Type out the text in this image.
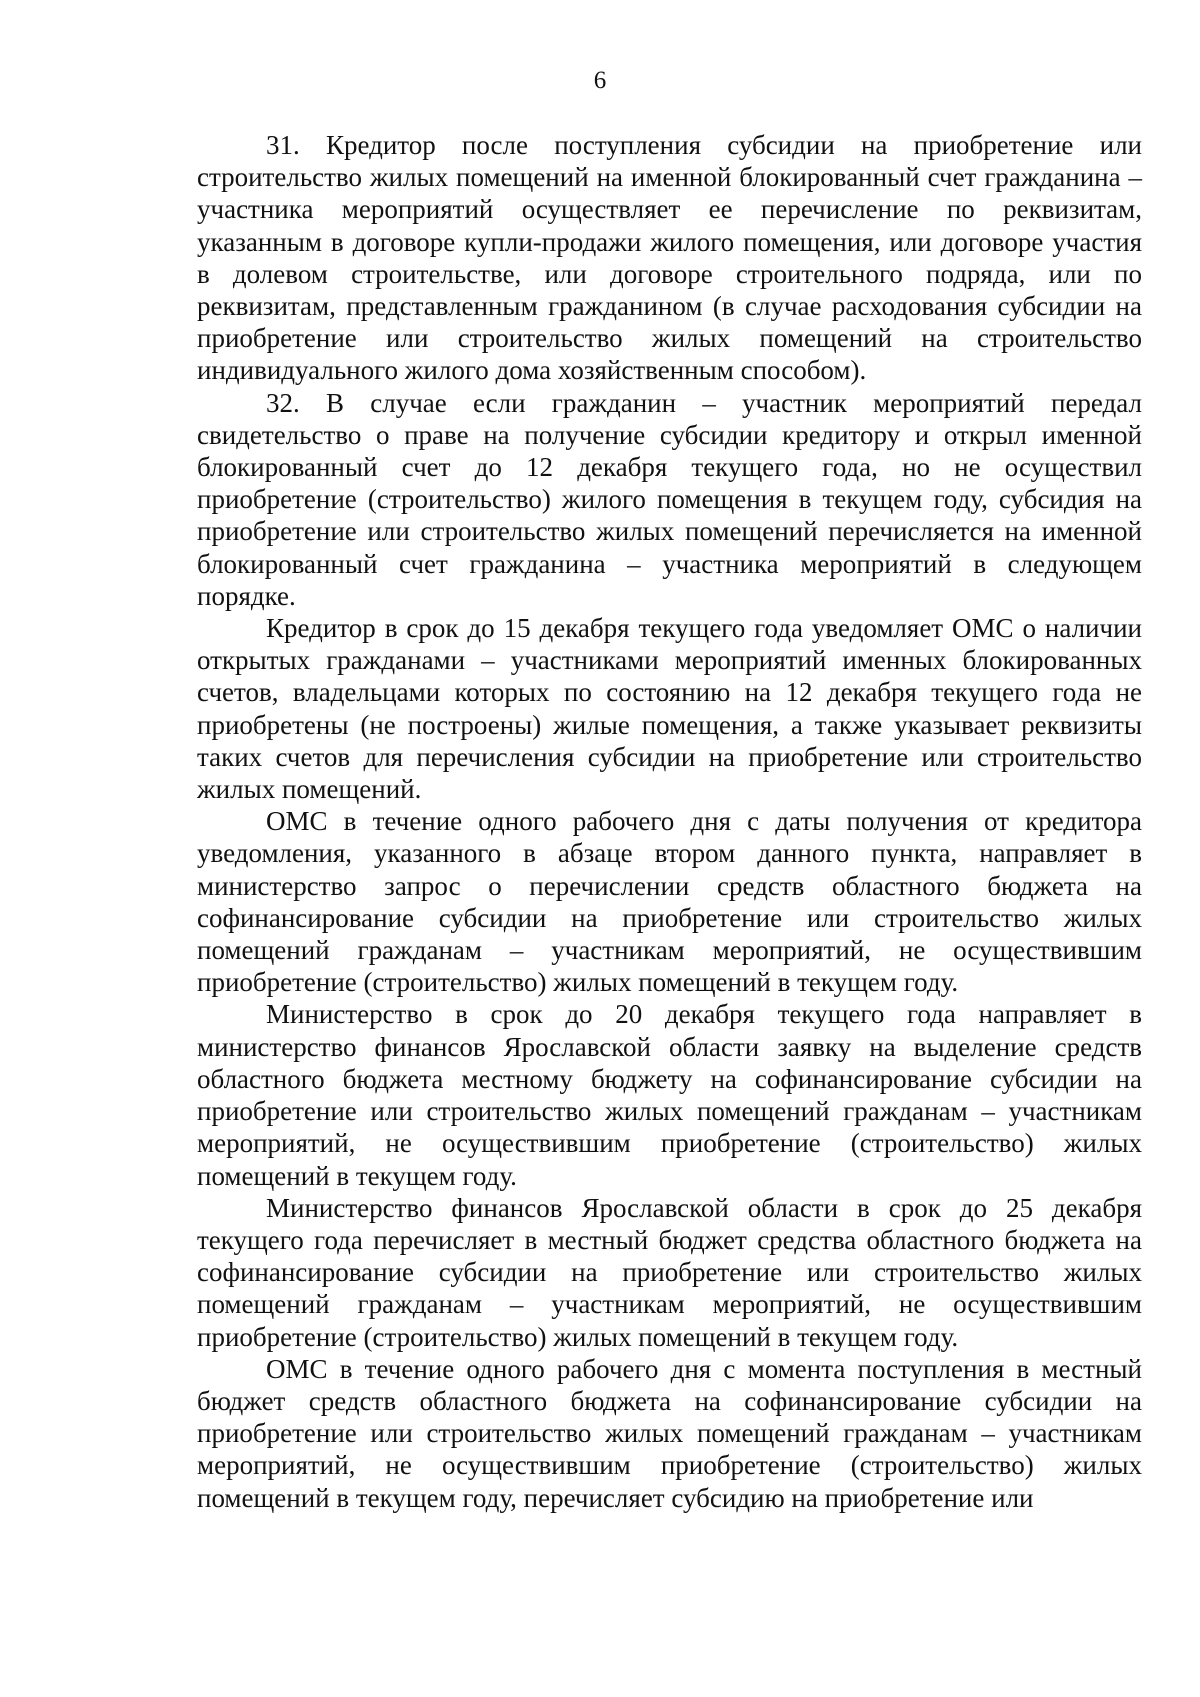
6

31. Кредитор после поступления субсидии на приобретение или строительство жилых помещений на именной блокированный счет гражданина – участника мероприятий осуществляет ее перечисление по реквизитам, указанным в договоре купли-продажи жилого помещения, или договоре участия в долевом строительстве, или договоре строительного подряда, или по реквизитам, представленным гражданином (в случае расходования субсидии на приобретение или строительство жилых помещений на строительство индивидуального жилого дома хозяйственным способом).

32. В случае если гражданин – участник мероприятий передал свидетельство о праве на получение субсидии кредитору и открыл именной блокированный счет до 12 декабря текущего года, но не осуществил приобретение (строительство) жилого помещения в текущем году, субсидия на приобретение или строительство жилых помещений перечисляется на именной блокированный счет гражданина – участника мероприятий в следующем порядке.

Кредитор в срок до 15 декабря текущего года уведомляет ОМС о наличии открытых гражданами – участниками мероприятий именных блокированных счетов, владельцами которых по состоянию на 12 декабря текущего года не приобретены (не построены) жилые помещения, а также указывает реквизиты таких счетов для перечисления субсидии на приобретение или строительство жилых помещений.

ОМС в течение одного рабочего дня с даты получения от кредитора уведомления, указанного в абзаце втором данного пункта, направляет в министерство запрос о перечислении средств областного бюджета на софинансирование субсидии на приобретение или строительство жилых помещений гражданам – участникам мероприятий, не осуществившим приобретение (строительство) жилых помещений в текущем году.

Министерство в срок до 20 декабря текущего года направляет в министерство финансов Ярославской области заявку на выделение средств областного бюджета местному бюджету на софинансирование субсидии на приобретение или строительство жилых помещений гражданам – участникам мероприятий, не осуществившим приобретение (строительство) жилых помещений в текущем году.

Министерство финансов Ярославской области в срок до 25 декабря текущего года перечисляет в местный бюджет средства областного бюджета на софинансирование субсидии на приобретение или строительство жилых помещений гражданам – участникам мероприятий, не осуществившим приобретение (строительство) жилых помещений в текущем году.

ОМС в течение одного рабочего дня с момента поступления в местный бюджет средств областного бюджета на софинансирование субсидии на приобретение или строительство жилых помещений гражданам – участникам мероприятий, не осуществившим приобретение (строительство) жилых помещений в текущем году, перечисляет субсидию на приобретение или
